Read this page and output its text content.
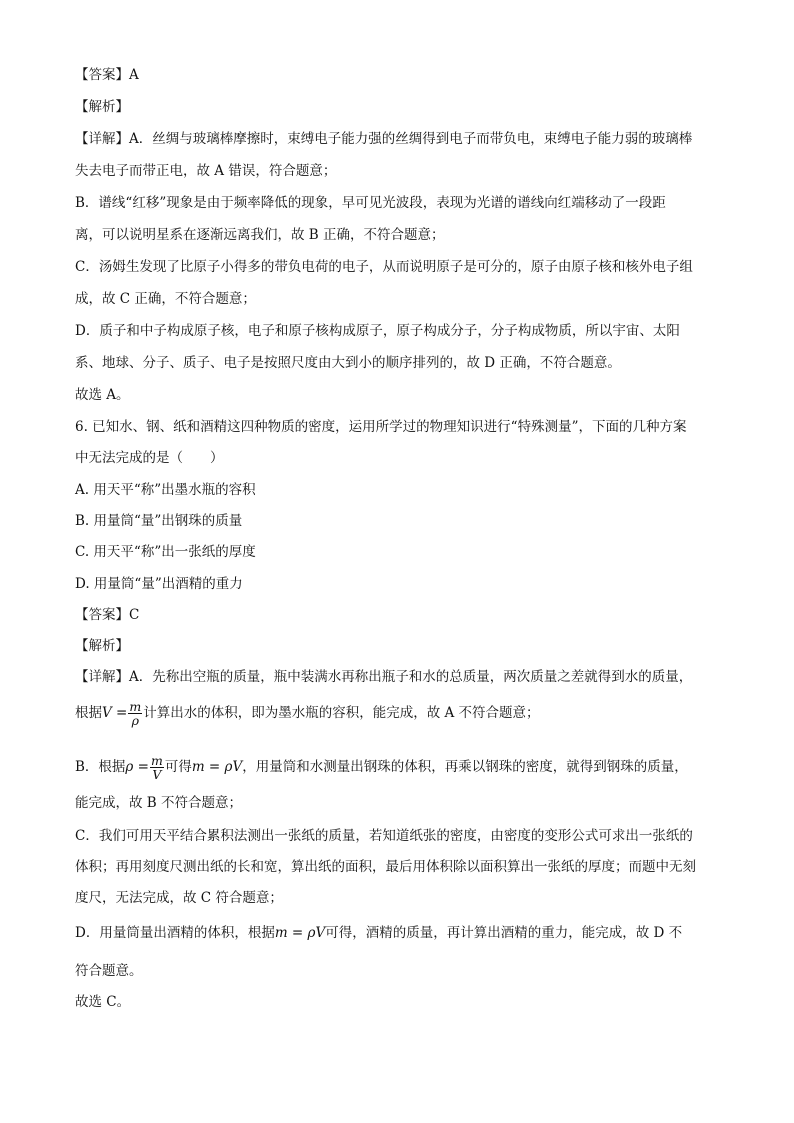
【答案】A
【解析】
【详解】A．丝绸与玻璃棒摩擦时，束缚电子能力强的丝绸得到电子而带负电，束缚电子能力弱的玻璃棒
失去电子而带正电，故 A 错误，符合题意；
B．谱线“红移”现象是由于频率降低的现象，早可见光波段，表现为光谱的谱线向红端移动了一段距
离，可以说明星系在逐渐远离我们，故 B 正确，不符合题意；
C．汤姆生发现了比原子小得多的带负电荷的电子，从而说明原子是可分的，原子由原子核和核外电子组
成，故 C 正确，不符合题意；
D．质子和中子构成原子核，电子和原子核构成原子，原子构成分子，分子构成物质，所以宇宙、太阳
系、地球、分子、质子、电子是按照尺度由大到小的顺序排列的，故 D 正确，不符合题意。
故选 A。
6. 已知水、钢、纸和酒精这四种物质的密度，运用所学过的物理知识进行“特殊测量”，下面的几种方案
中无法完成的是（　　）
A. 用天平“称”出墨水瓶的容积
B. 用量筒“量”出钢珠的质量
C. 用天平“称”出一张纸的厚度
D. 用量筒“量”出酒精的重力
【答案】C
【解析】
【详解】A．先称出空瓶的质量，瓶中装满水再称出瓶子和水的总质量，两次质量之差就得到水的质量，
根据$V = \frac{m}{\rho}$ 计算出水的体积，即为墨水瓶的容积，能完成，故 A 不符合题意；
B．根据$\rho = \frac{m}{V}$ 可得m = ρV，用量筒和水测量出钢珠的体积，再乘以钢珠的密度，就得到钢珠的质量，
能完成，故 B 不符合题意；
C．我们可用天平结合累积法测出一张纸的质量，若知道纸张的密度，由密度的变形公式可求出一张纸的
体积；再用刻度尺测出纸的长和宽，算出纸的面积，最后用体积除以面积算出一张纸的厚度；而题中无刻
度尺，无法完成，故 C 符合题意；
D．用量筒量出酒精的体积，根据m = ρV可得，酒精的质量，再计算出酒精的重力，能完成，故 D 不
符合题意。
故选 C。
